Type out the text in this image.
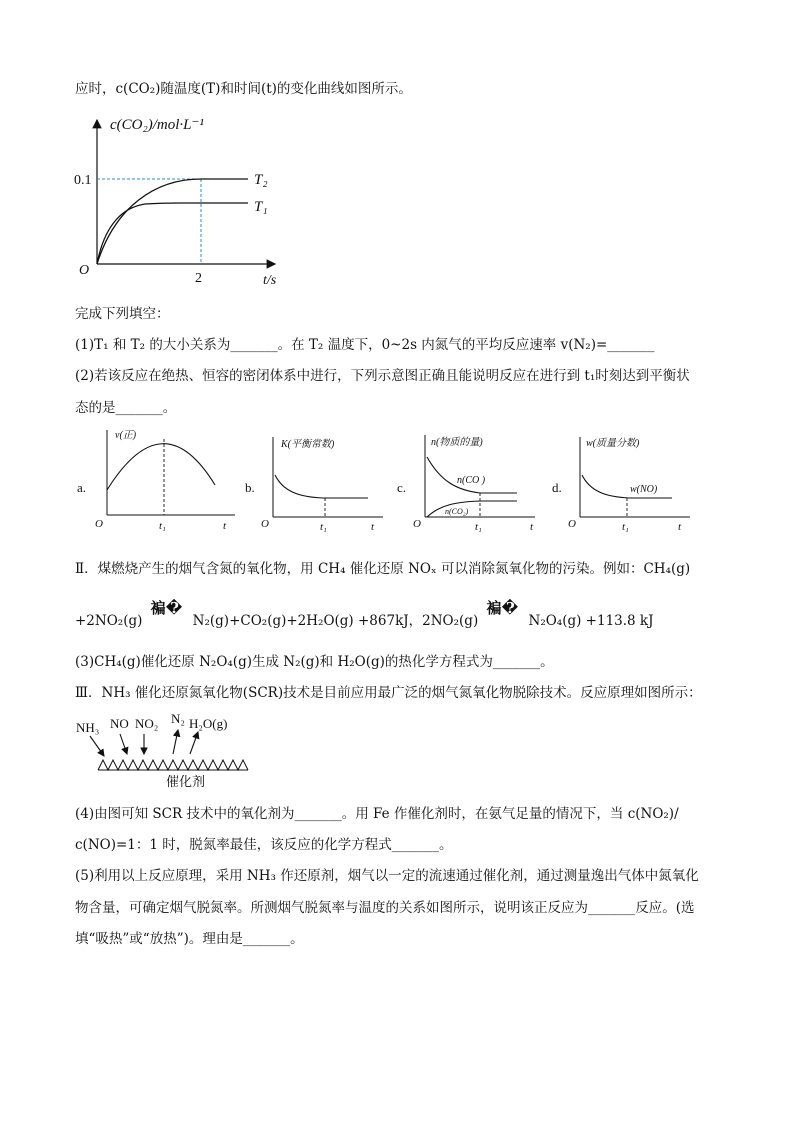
应时，c(CO₂)随温度(T)和时间(t)的变化曲线如图所示。
c(CO₂)/mol·L⁻¹
O
0.1
2	t/s
T₂
T₁
完成下列填空：
(1)T₁ 和 T₂ 的大小关系为_______。在 T₂ 温度下，0~2s 内氮气的平均反应速率 v(N₂)=_______
(2)若该反应在绝热、恒容的密闭体系中进行，下列示意图正确且能说明反应在进行到 t₁时刻达到平衡状
态的是_______。
a.
v(正)
O	t₁	t
b.
K(平衡常数)
O	t₁	t
c.
n(物质的量)
n(CO )
n(CO₂)
O	t₁	t
d.
w(质量分数)
w(NO)
O	t₁	t
Ⅱ．煤燃烧产生的烟气含氮的氧化物，用 CH₄ 催化还原 NOₓ 可以消除氮氧化物的污染。例如：CH₄(g)
+2NO₂(g) 褊� N₂(g)+CO₂(g)+2H₂O(g) +867kJ，2NO₂(g) 褊� N₂O₄(g) +113.8 kJ
(3)CH₄(g)催化还原 N₂O₄(g)生成 N₂(g)和 H₂O(g)的热化学方程式为_______。
Ⅲ．NH₃ 催化还原氮氧化物(SCR)技术是目前应用最广泛的烟气氮氧化物脱除技术。反应原理如图所示：
NH₃ NO NO₂ N₂ H₂O(g)
催化剂
(4)由图可知 SCR 技术中的氧化剂为_______。用 Fe 作催化剂时，在氨气足量的情况下，当 c(NO₂)/
c(NO)=1：1 时，脱氮率最佳，该反应的化学方程式_______。
(5)利用以上反应原理，采用 NH₃ 作还原剂，烟气以一定的流速通过催化剂，通过测量逸出气体中氮氧化
物含量，可确定烟气脱氮率。所测烟气脱氮率与温度的关系如图所示，说明该正反应为_______反应。(选
填“吸热”或“放热”)。理由是_______。
